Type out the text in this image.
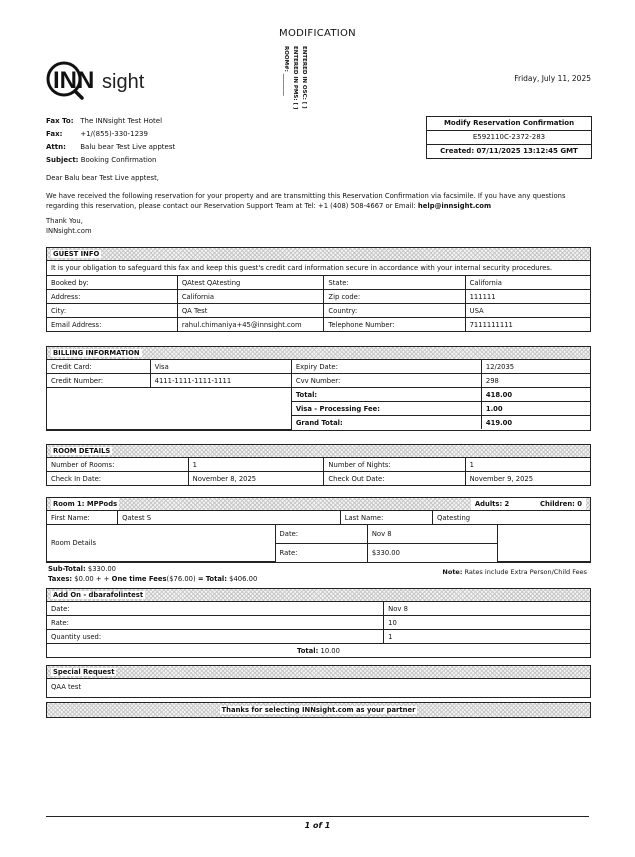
MODIFICATION
INN sight	ENTERED IN OSC: [ ]
ENTERED IN PMS: [ ]
ROOM#: ________	Friday, July 11, 2025
Fax To: The INNsight Test Hotel
Fax:	+1/(855)-330-1239
Attn: Balu bear Test Live apptest
Subject: Booking Confirmation
Modify Reservation Confirmation
E592110C-2372-283
Created: 07/11/2025 13:12:45 GMT

Dear Balu bear Test Live apptest,

We have received the following reservation for your property and are transmitting this Reservation Confirmation via facsimile. If you have any questions regarding this reservation, please contact our Reservation Support Team at Tel: +1 (408) 508-4667 or Email: help@innsight.com

Thank You,
INNsight.com
GUEST INFO
It is your obligation to safeguard this fax and keep this guest's credit card information secure in accordance with your internal security procedures.
Booked by:	QAtest QAtesting	State:	California
Address:	California	Zip code:	111111
City:	QA Test	Country:	USA
Email Address:	rahul.chimaniya+45@innsight.com	Telephone Number:	7111111111
BILLING INFORMATION
Credit Card:	Visa	Expiry Date:	12/2035
Credit Number:	4111-1111-1111-1111	Cvv Number:	298
		Total:	418.00
		Visa - Processing Fee:	1.00
		Grand Total:	419.00
ROOM DETAILS
Number of Rooms:	1	Number of Nights:	1
Check In Date:	November 8, 2025	Check Out Date:	November 9, 2025
Room 1: MPPods	Adults: 2	Children: 0
First Name:	Qatest S		Last Name:		Qatesting	
Room Details		Date:		Nov 8		
		Rate:		$330.00		
Sub-Total: $330.00
Taxes: $0.00 + + One time Fees($76.00) = Total: $406.00
Note: Rates include Extra Person/Child Fees
Add On - dbarafolintest
Date:	Nov 8
Rate:	10
Quantity used:	1
Total: 10.00	
Special Request
QAA test
Thanks for selecting INNsight.com as your partner
1 of 1
